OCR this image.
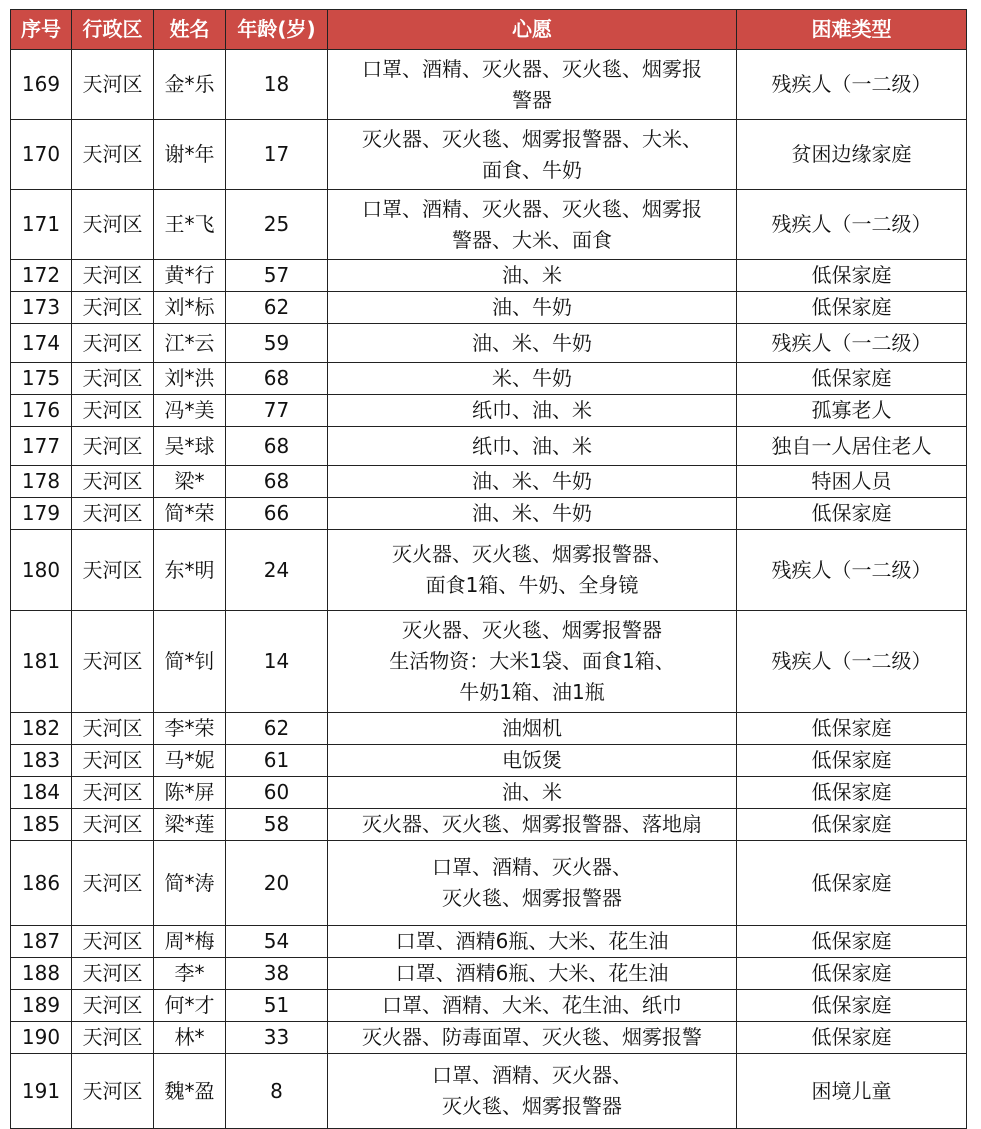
序号	行政区	姓名	年龄(岁)	心愿	困难类型
169	天河区	金*乐	18	口罩、酒精、灭火器、灭火毯、烟雾报
警器	残疾人（一二级）
170	天河区	谢*年	17	灭火器、灭火毯、烟雾报警器、大米、
面食、牛奶	贫困边缘家庭
171	天河区	王*飞	25	口罩、酒精、灭火器、灭火毯、烟雾报
警器、大米、面食	残疾人（一二级）
172	天河区	黄*行	57	油、米	低保家庭
173	天河区	刘*标	62	油、牛奶	低保家庭
174	天河区	江*云	59	油、米、牛奶	残疾人（一二级）
175	天河区	刘*洪	68	米、牛奶	低保家庭
176	天河区	冯*美	77	纸巾、油、米	孤寡老人
177	天河区	吴*球	68	纸巾、油、米	独自一人居住老人
178	天河区	梁*	68	油、米、牛奶	特困人员
179	天河区	简*荣	66	油、米、牛奶	低保家庭
180	天河区	东*明	24	灭火器、灭火毯、烟雾报警器、
面食1箱、牛奶、全身镜	残疾人（一二级）
181	天河区	简*钊	14	灭火器、灭火毯、烟雾报警器
生活物资：大米1袋、面食1箱、
牛奶1箱、油1瓶	残疾人（一二级）
182	天河区	李*荣	62	油烟机	低保家庭
183	天河区	马*妮	61	电饭煲	低保家庭
184	天河区	陈*屏	60	油、米	低保家庭
185	天河区	梁*莲	58	灭火器、灭火毯、烟雾报警器、落地扇	低保家庭
186	天河区	简*涛	20	口罩、酒精、灭火器、
灭火毯、烟雾报警器	低保家庭
187	天河区	周*梅	54	口罩、酒精6瓶、大米、花生油	低保家庭
188	天河区	李*	38	口罩、酒精6瓶、大米、花生油	低保家庭
189	天河区	何*才	51	口罩、酒精、大米、花生油、纸巾	低保家庭
190	天河区	林*	33	灭火器、防毒面罩、灭火毯、烟雾报警	低保家庭
191	天河区	魏*盈	8	口罩、酒精、灭火器、
灭火毯、烟雾报警器	困境儿童
